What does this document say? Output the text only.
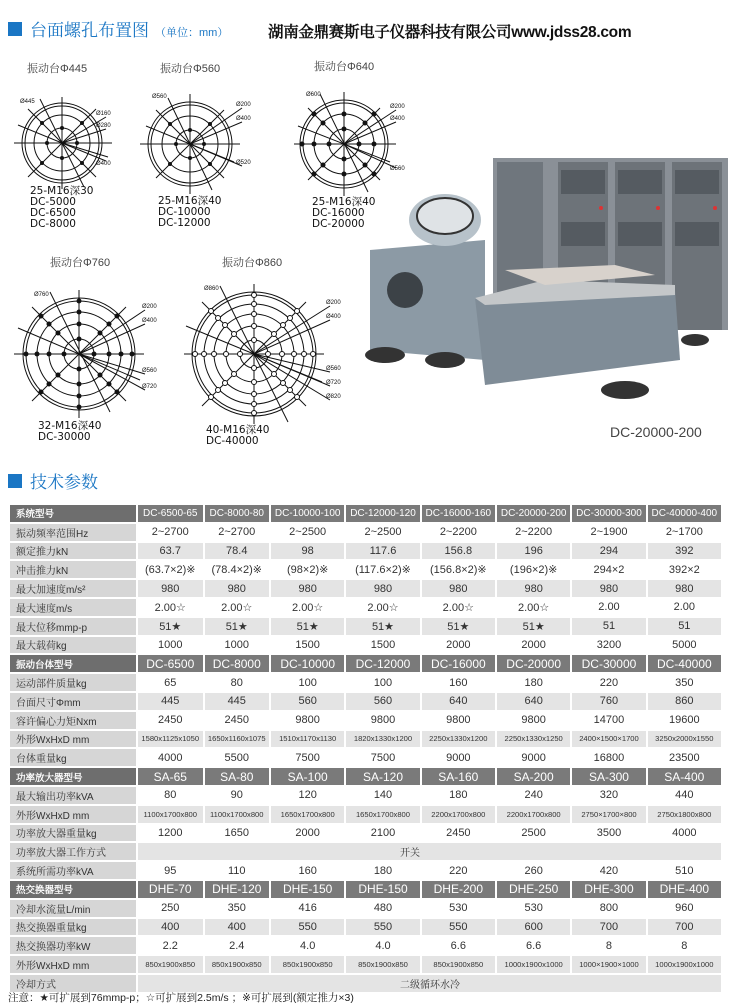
台面螺孔布置图 （单位：mm）	湖南金鼎赛斯电子仪器科技有限公司www.jdss28.com
振动台Φ445
Ø445
Ø160
Ø280
Ø400
25-M16深30
DC-5000
DC-6500
DC-8000
振动台Φ560
Ø560
Ø200
Ø400
Ø520
25-M16深40
DC-10000
DC-12000
振动台Φ640
Ø600
Ø200
Ø400
Ø560
25-M16深40
DC-16000
DC-20000
振动台Φ760
Ø760
Ø200
Ø400
Ø560
Ø720
32-M16深40
DC-30000
振动台Φ860
Ø860
Ø200
Ø400
Ø560
Ø720
Ø820
40-M16深40
DC-40000
DC-20000-200
技术参数
系统型号	DC-6500-65	DC-8000-80	DC-10000-100	DC-12000-120	DC-16000-160	DC-20000-200	DC-30000-300	DC-40000-400
振动频率范围Hz	2~2700	2~2700	2~2500	2~2500	2~2200	2~2200	2~1900	2~1700
额定推力kN	63.7	78.4	98	117.6	156.8	196	294	392
冲击推力kN	(63.7×2)※	(78.4×2)※	(98×2)※	(117.6×2)※	(156.8×2)※	(196×2)※	294×2	392×2
最大加速度m/s²	980	980	980	980	980	980	980	980
最大速度m/s	2.00☆	2.00☆	2.00☆	2.00☆	2.00☆	2.00☆	2.00	2.00
最大位移mmp-p	51★	51★	51★	51★	51★	51★	51	51
最大载荷kg	1000	1000	1500	1500	2000	2000	3200	5000
振动台体型号	DC-6500	DC-8000	DC-10000	DC-12000	DC-16000	DC-20000	DC-30000	DC-40000
运动部件质量kg	65	80	100	100	160	180	220	350
台面尺寸Φmm	445	445	560	560	640	640	760	860
容许偏心力矩Nxm	2450	2450	9800	9800	9800	9800	14700	19600
外形WxHxD mm	1580x1125x1050	1650x1160x1075	1510x1170x1130	1820x1330x1200	2250x1330x1200	2250x1330x1250	2400×1500×1700	3250x2000x1550
台体重量kg	4000	5500	7500	7500	9000	9000	16800	23500
功率放大器型号	SA-65	SA-80	SA-100	SA-120	SA-160	SA-200	SA-300	SA-400
最大输出功率kVA	80	90	120	140	180	240	320	440
外形WxHxD mm	1100x1700x800	1100x1700x800	1650x1700x800	1650x1700x800	2200x1700x800	2200x1700x800	2750×1700×800	2750x1800x800
功率放大器重量kg	1200	1650	2000	2100	2450	2500	3500	4000
功率放大器工作方式	开关							
系统所需功率kVA	95	110	160	180	220	260	420	510
热交换器型号	DHE-70	DHE-120	DHE-150	DHE-150	DHE-200	DHE-250	DHE-300	DHE-400
冷却水流量L/min	250	350	416	480	530	530	800	960
热交换器重量kg	400	400	550	550	550	600	700	700
热交换器功率kW	2.2	2.4	4.0	4.0	6.6	6.6	8	8
外形WxHxD mm	850x1900x850	850x1900x850	850x1900x850	850x1900x850	850x1900x850	1000x1900x1000	1000×1900×1000	1000x1900x1000
冷却方式	二级循环水冷							
注意：★可扩展到76mmp-p；☆可扩展到2.5m/s ；※可扩展到(额定推力×3)
